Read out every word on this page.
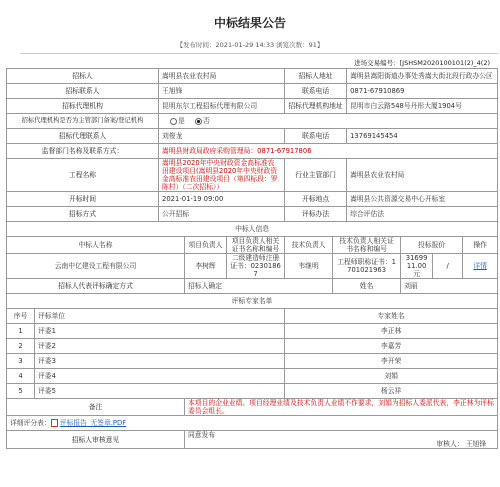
中标结果公告
【发布时间：2021-01-29 14:33 浏览次数：91】
进场交易编号：[JSHSM2020100101(2)_4(2)
招标人		嵩明县农业农村局			招标人地址		嵩明县嵩阳街道办事处秀嵩大街北段行政办公区			
招标联系人		王旭锋			联系电话		0871-67910869			
招标代理机构		昆明东尔工程招标代理有限公司			招标代理机构地址		昆明市白云路548号丹彤大厦1904号			
招标代理机构是否为主管部门备案/登记机构		是 否								
招标代理联系人		刘俊龙			联系电话		13769145454			
监督部门名称及联系方式：		嵩明县财政局政府采购管理局：0871-67917806								
工程名称		嵩明县2020年中央财政资金高标准农田建设项目(嵩明县2020年中央财政资金高标准农田建设项目（第四标段：罗陈村）（二次招标））			行业主管部门		嵩明县农业农村局			
开标时间		2021-01-19 09:00			开标地点		嵩明县公共资源交易中心开标室			
招标方式		公开招标			评标办法		综合评估法			
中标人信息										
中标人名称			项目负责人	项目负责人相关证书名称和编号	技术负责人	技术负责人相关证书名称和编号		投标报价		操作
云南中亿建设工程有限公司			李树辉	二级建造师注册证书：02301867	韦继明	工程师职称证书：1701021963		3169911.00元	/	详情
招标人代表评标确定方式			招标人确定			姓名		刘丽		
评标专家名单										
序号	评标单位				专家姓名					
1	评委1				李正林					
2	评委2				李嘉芳					
3	评委3				李开荣					
4	评委4				刘娟					
5	评委5				杨云祥					
备注			本项目的企业业绩、项目经理业绩及技术负责人业绩不作要求，刘娟为招标人委派代表，李正林为评标委员会组长。							
详细评分表： 评标报告_无签章.PDF										
招标人审核意见			同意发布
审核人： 王旭锋							
